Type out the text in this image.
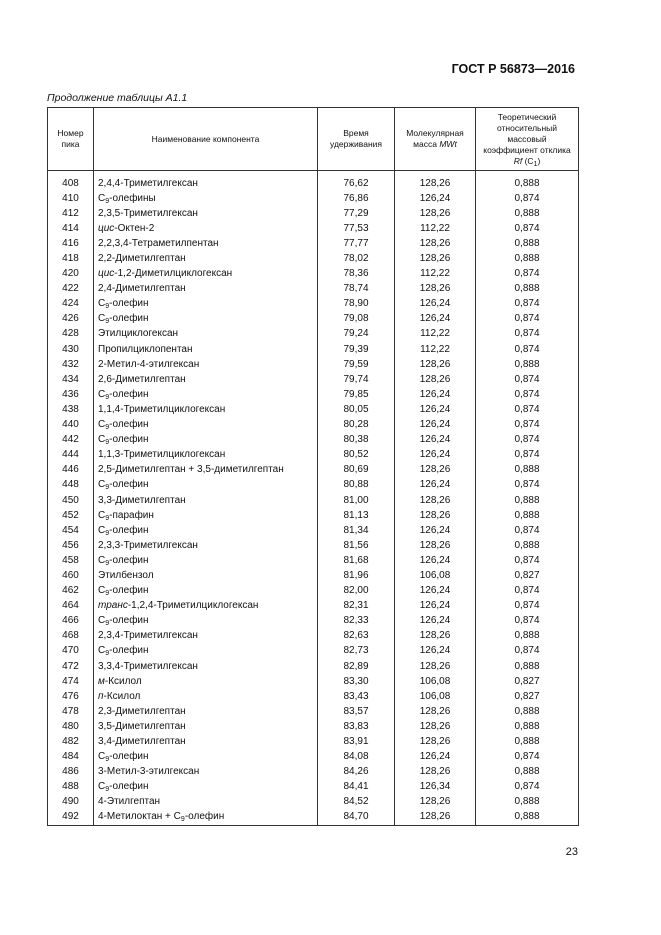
ГОСТ Р 56873—2016
Продолжение таблицы А1.1
Номер пика	Наименование компонента	Время удерживания	Молекулярная масса MWt	Теоретический относительный массовый коэффициент отклика Rf $(C_1)$
408	2,4,4-Триметилгексан	76,62	128,26	0,888
410	$C_9$-олефины	76,86	126,24	0,874
412	2,3,5-Триметилгексан	77,29	128,26	0,888
414	цис-Октен-2	77,53	112,22	0,874
416	2,2,3,4-Тетраметилпентан	77,77	128,26	0,888
418	2,2-Диметилгептан	78,02	128,26	0,888
420	цис-1,2-Диметилциклогексан	78,36	112,22	0,874
422	2,4-Диметилгептан	78,74	128,26	0,888
424	$C_9$-олефин	78,90	126,24	0,874
426	$C_9$-олефин	79,08	126,24	0,874
428	Этилциклогексан	79,24	112,22	0,874
430	Пропилциклопентан	79,39	112,22	0,874
432	2-Метил-4-этилгексан	79,59	128,26	0,888
434	2,6-Диметилгептан	79,74	128,26	0,874
436	$C_9$-олефин	79,85	126,24	0,874
438	1,1,4-Триметилциклогексан	80,05	126,24	0,874
440	$C_9$-олефин	80,28	126,24	0,874
442	$C_9$-олефин	80,38	126,24	0,874
444	1,1,3-Триметилциклогексан	80,52	126,24	0,874
446	2,5-Диметилгептан + 3,5-диметилгептан	80,69	128,26	0,888
448	$C_9$-олефин	80,88	126,24	0,874
450	3,3-Диметилгептан	81,00	128,26	0,888
452	$C_9$-парафин	81,13	128,26	0,888
454	$C_9$-олефин	81,34	126,24	0,874
456	2,3,3-Триметилгексан	81,56	128,26	0,888
458	$C_9$-олефин	81,68	126,24	0,874
460	Этилбензол	81,96	106,08	0,827
462	$C_9$-олефин	82,00	126,24	0,874
464	транс-1,2,4-Триметилциклогексан	82,31	126,24	0,874
466	$C_9$-олефин	82,33	126,24	0,874
468	2,3,4-Триметилгексан	82,63	128,26	0,888
470	$C_9$-олефин	82,73	126,24	0,874
472	3,3,4-Триметилгексан	82,89	128,26	0,888
474	м-Ксилол	83,30	106,08	0,827
476	п-Ксилол	83,43	106,08	0,827
478	2,3-Диметилгептан	83,57	128,26	0,888
480	3,5-Диметилгептан	83,83	128,26	0,888
482	3,4-Диметилгептан	83,91	128,26	0,888
484	$C_9$-олефин	84,08	126,24	0,874
486	3-Метил-3-этилгексан	84,26	128,26	0,888
488	$C_9$-олефин	84,41	126,34	0,874
490	4-Этилгептан	84,52	128,26	0,888
492	4-Метилоктан + $C_9$-олефин	84,70	128,26	0,888
23
